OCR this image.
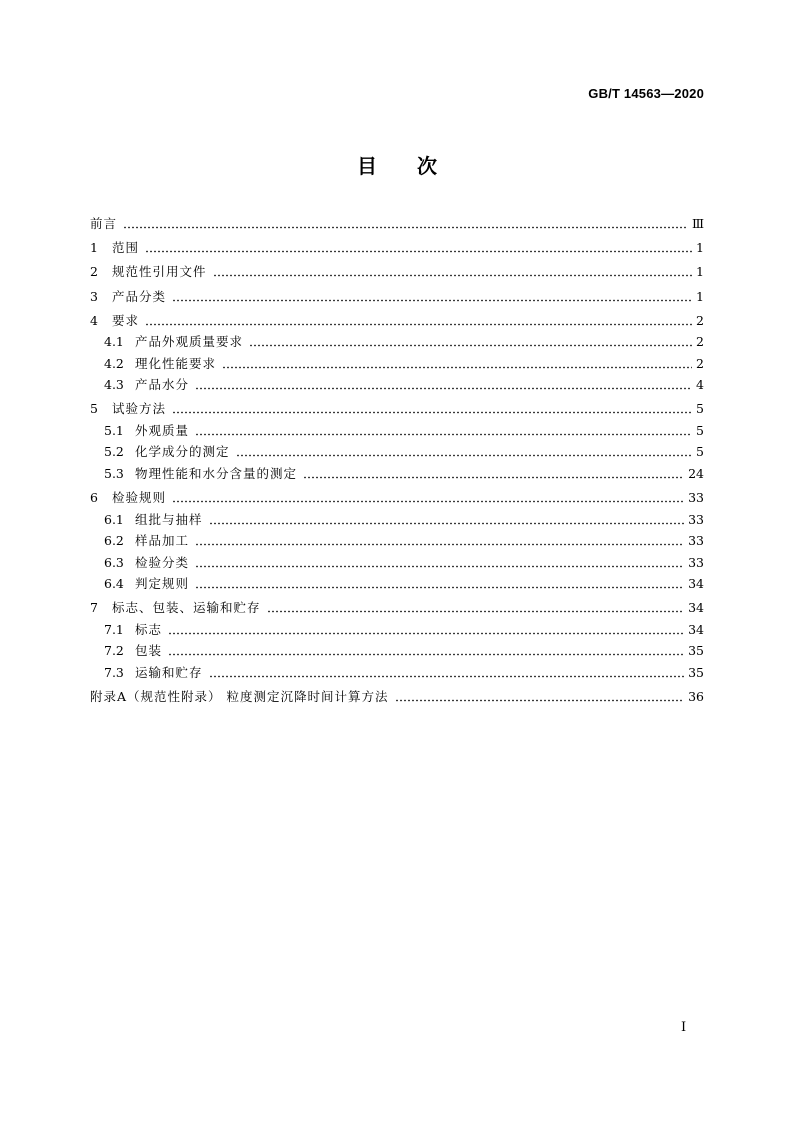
GB/T 14563—2020
目次
前言	Ⅲ
1	范围	1
2	规范性引用文件	1
3	产品分类	1
4	要求	2
4.1 产品外观质量要求	2
4.2 理化性能要求	2
4.3 产品水分	4
5	试验方法	5
5.1 外观质量	5
5.2 化学成分的测定	5
5.3 物理性能和水分含量的测定	24
6	检验规则	33
6.1 组批与抽样	33
6.2 样品加工	33
6.3 检验分类	33
6.4 判定规则	34
7	标志、包装、运输和贮存	34
7.1 标志	34
7.2 包装	35
7.3 运输和贮存	35
附录A（规范性附录） 粒度测定沉降时间计算方法	36
Ⅰ
